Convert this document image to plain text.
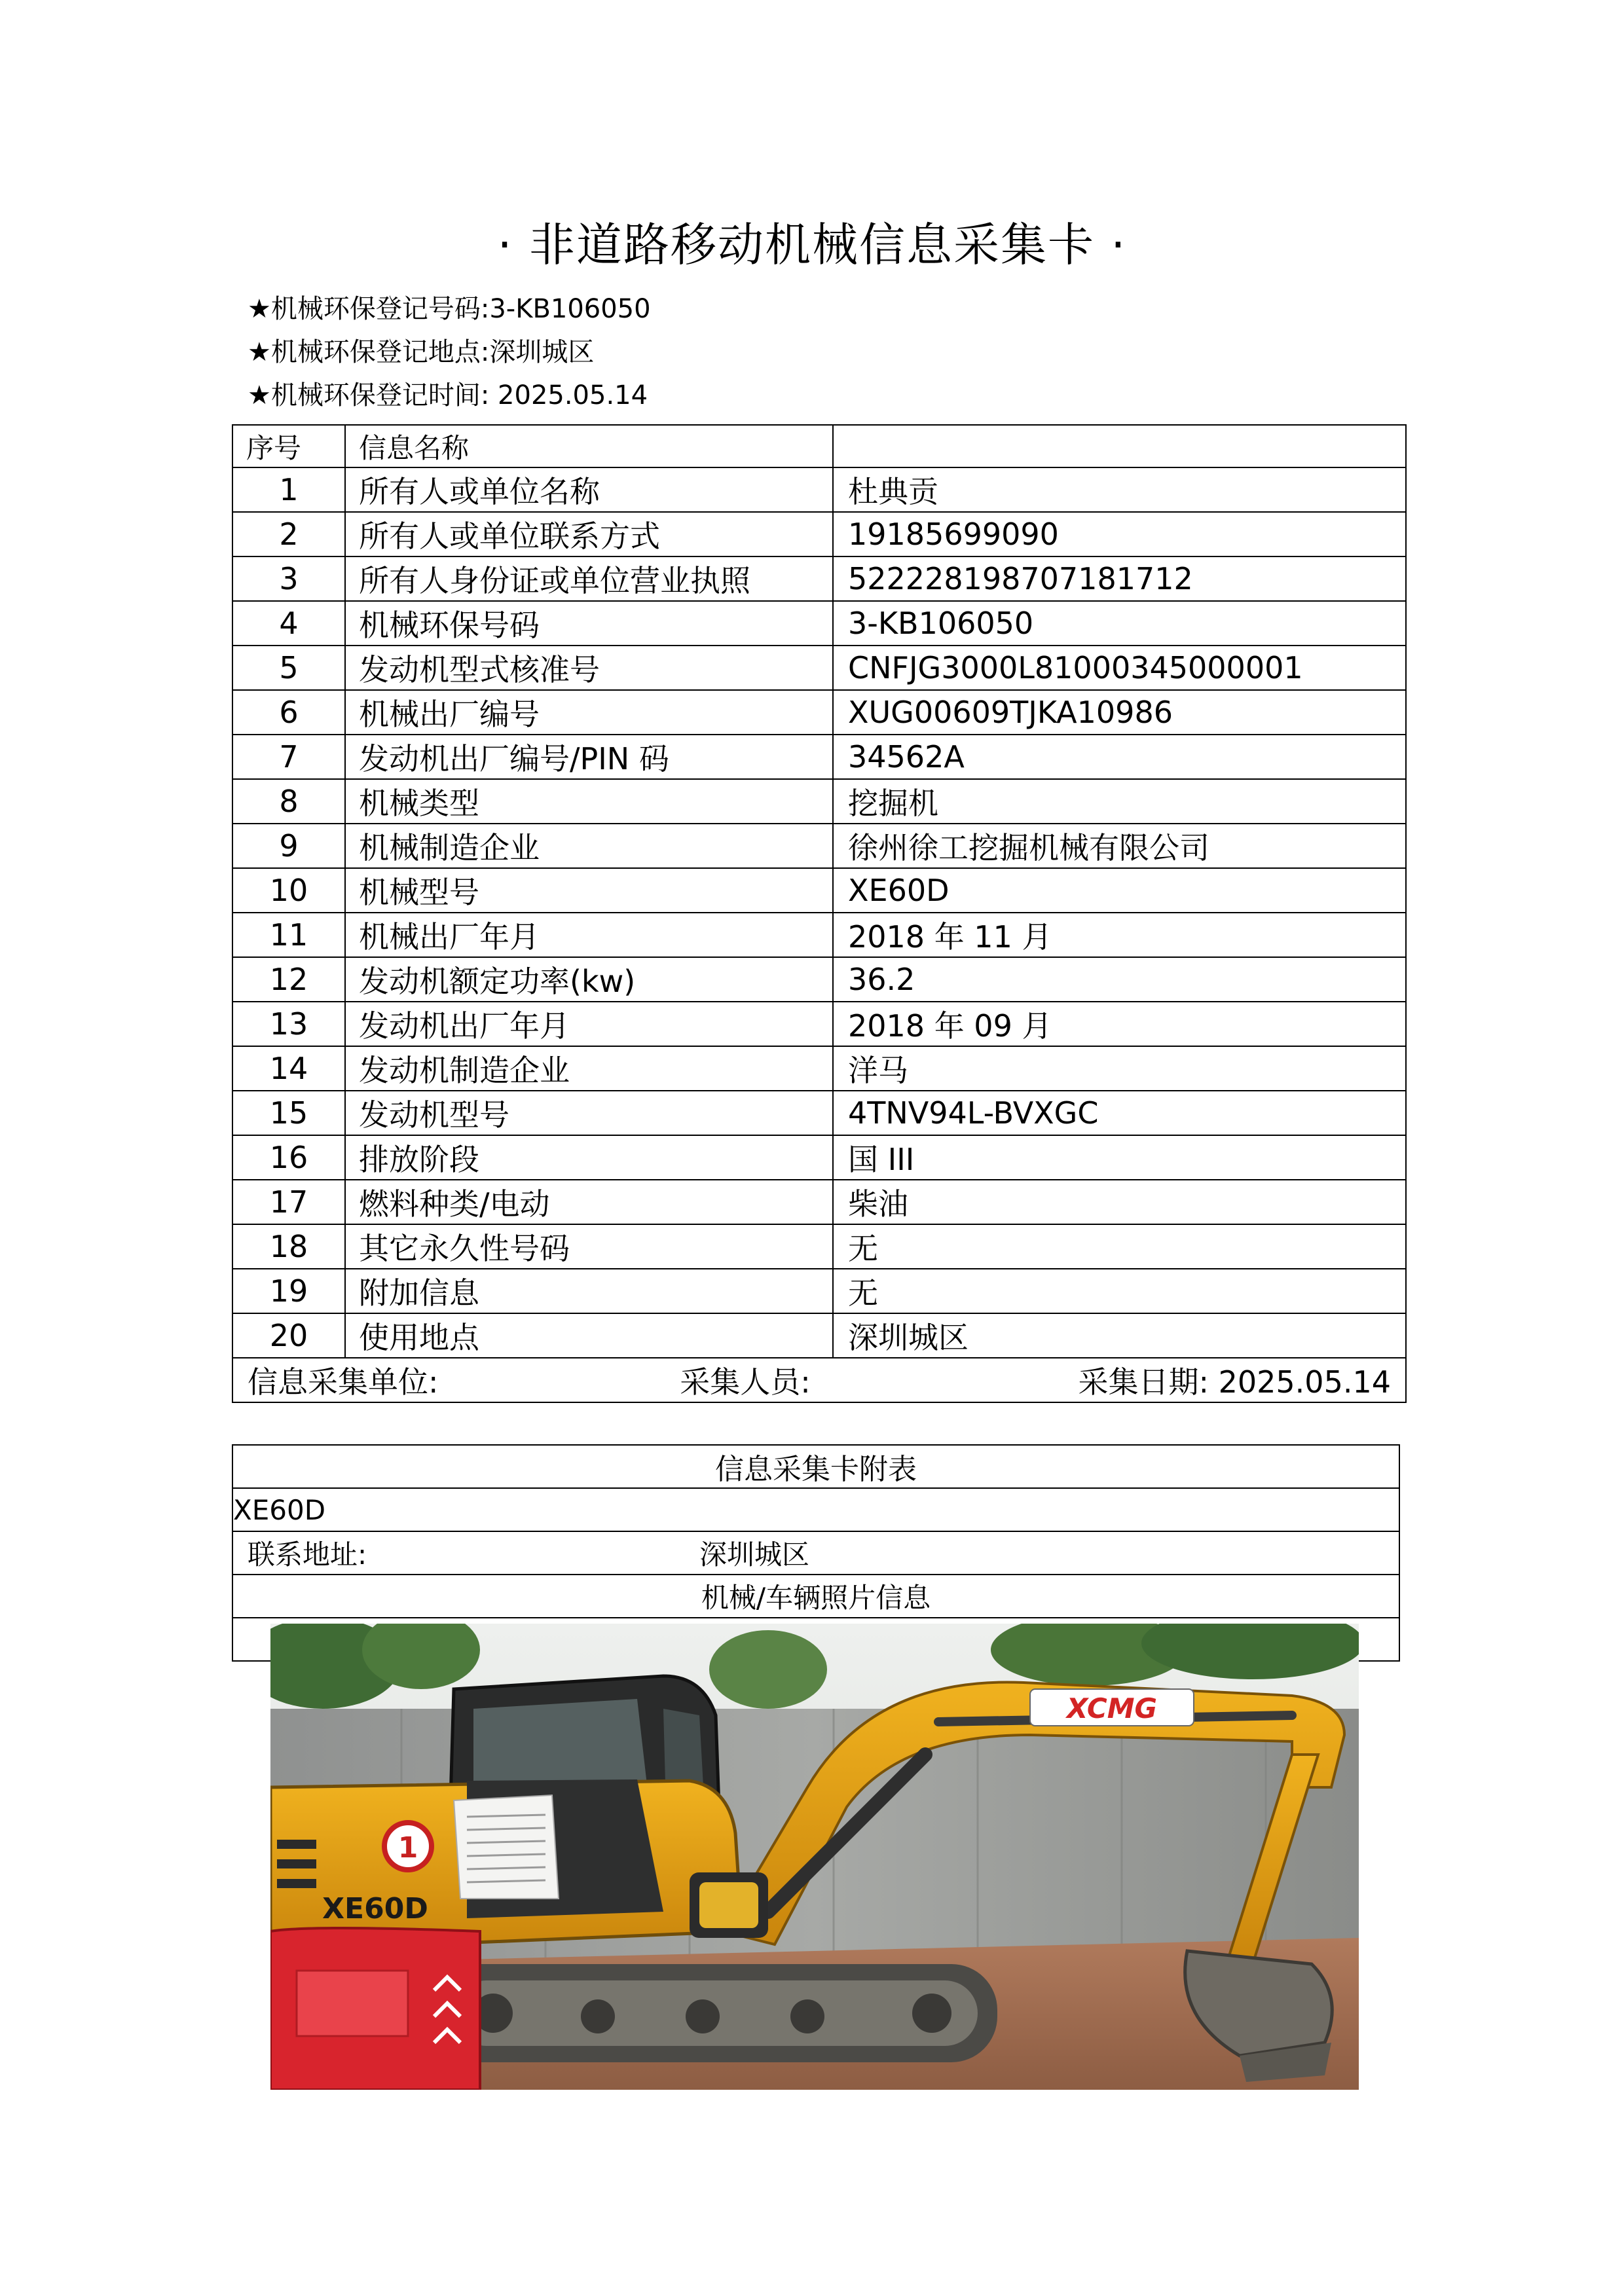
· 非道路移动机械信息采集卡 ·
★机械环保登记号码:3-KB106050
★机械环保登记地点:深圳城区
★机械环保登记时间: 2025.05.14
序号	信息名称	
1	所有人或单位名称	杜典贡
2	所有人或单位联系方式	19185699090
3	所有人身份证或单位营业执照	522228198707181712
4	机械环保号码	3-KB106050
5	发动机型式核准号	CNFJG3000L81000345000001
6	机械出厂编号	XUG00609TJKA10986
7	发动机出厂编号/PIN 码	34562A
8	机械类型	挖掘机
9	机械制造企业	徐州徐工挖掘机械有限公司
10	机械型号	XE60D
11	机械出厂年月	2018 年 11 月
12	发动机额定功率(kw)	36.2
13	发动机出厂年月	2018 年 09 月
14	发动机制造企业	洋马
15	发动机型号	4TNV94L-BVXGC
16	排放阶段	国 III
17	燃料种类/电动	柴油
18	其它永久性号码	无
19	附加信息	无
20	使用地点	深圳城区

信息采集单位: 采集人员: 采集日期: 2025.05.14		
信息采集卡附表
XE60D
联系地址:	深圳城区
机械/车辆照片信息

XCMG
1
XE60D
